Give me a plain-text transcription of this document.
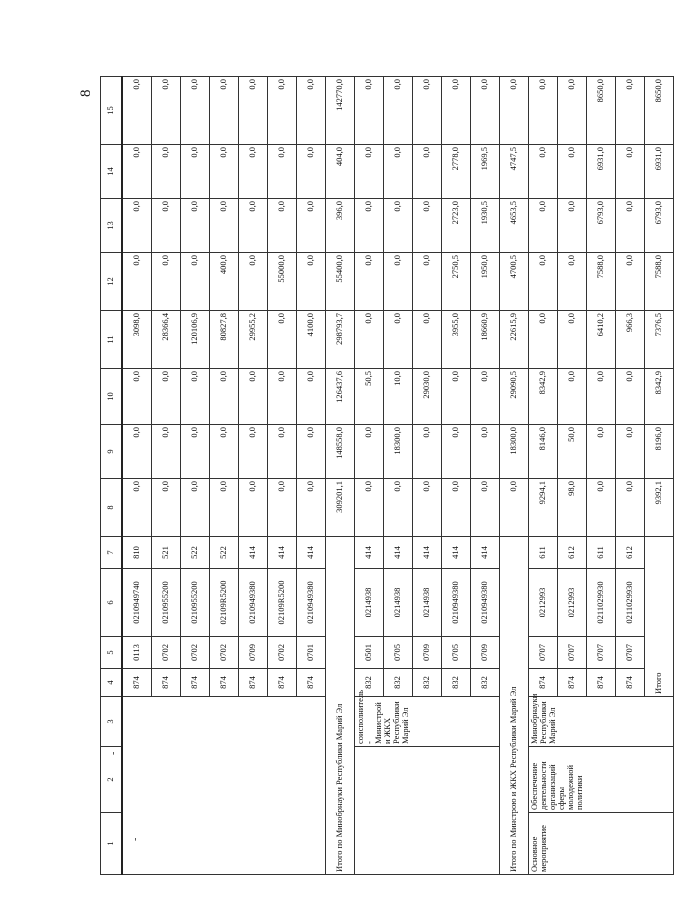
8
-
-
1	2	3	4	5	6	7	8	9	10	11	12	13	14	15
			874	0113	0210949740	810	0,0	0,0	0,0	3098,0	0,0	0,0	0,0	0,0
			874	0702	0210955200	521	0,0	0,0	0,0	28366,4	0,0	0,0	0,0	0,0
			874	0702	0210955200	522	0,0	0,0	0,0	120106,9	0,0	0,0	0,0	0,0
			874	0702	02109R5200	522	0,0	0,0	0,0	80827,8	400,0	0,0	0,0	0,0
			874	0709	0210949380	414	0,0	0,0	0,0	29955,2	0,0	0,0	0,0	0,0
			874	0702	02109R5200	414	0,0	0,0	0,0	0,0	55000,0	0,0	0,0	0,0
			874	0701	0210949380	414	0,0	0,0	0,0	4100,0	0,0	0,0	0,0	0,0
Итого по Минобрнауки Республики Марий Эл							309201,1	148558,0	126437,6	298793,7	55400,0	396,0	404,0	142770,0
		соисполнитель - Министрой и ЖКХ Республики Марий Эл	832	0501	0214938	414	0,0	0,0	50,5	0,0	0,0	0,0	0,0	0,0
			832	0705	0214938	414	0,0	18300,0	10,0	0,0	0,0	0,0	0,0	0,0
			832	0709	0214938	414	0,0	0,0	29030,0	0,0	0,0	0,0	0,0	0,0
			832	0705	0210949380	414	0,0	0,0	0,0	3955,0	2750,5	2723,0	2778,0	0,0
			832	0709	0210949380	414	0,0	0,0	0,0	18660,9	1950,0	1930,5	1969,5	0,0
Итого по Минстрою и ЖКХ Республики Марий Эл							0,0	18300,0	29090,5	22615,9	4700,5	4653,5	4747,5	0,0
Основное мероприятие	Обеспечение деятельности организаций сферы молодежной политики	Минобрнауки Республики Марий Эл	874	0707	0212993	611	9294,1	8146,0	8342,9	0,0	0,0	0,0	0,0	0,0
			874	0707	0212993	612	98,0	50,0	0,0	0,0	0,0	0,0	0,0	0,0
			874	0707	0211029930	611	0,0	0,0	0,0	6410,2	7588,0	6793,0	6931,0	8650,0
			874	0707	0211029930	612	0,0	0,0	0,0	966,3	0,0	0,0	0,0	0,0
			Итого				9392,1	8196,0	8342,9	7376,5	7588,0	6793,0	6931,0	8650,0
